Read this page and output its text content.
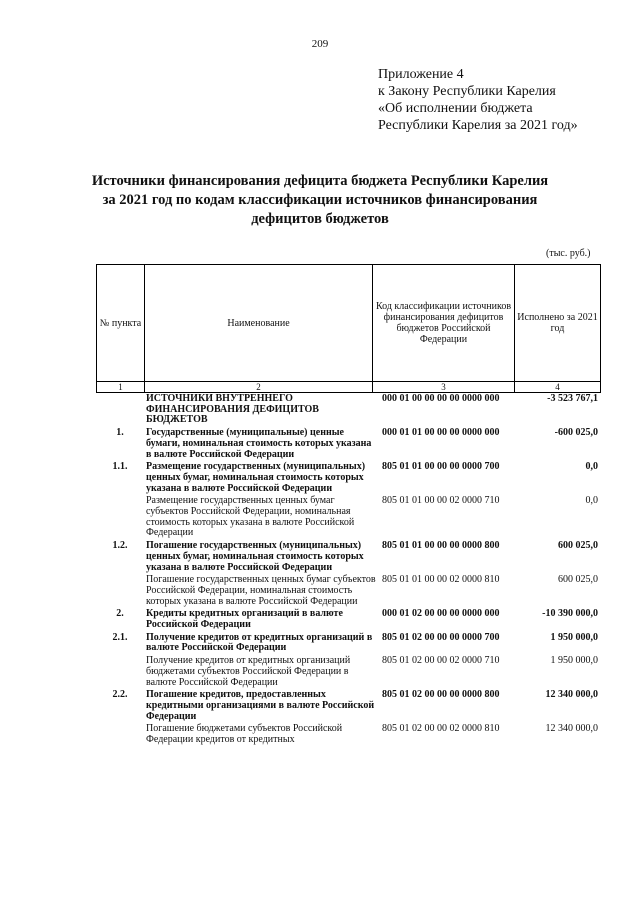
209
Приложение 4
к Закону Республики Карелия
«Об исполнении бюджета
Республики Карелия за 2021 год»
Источники финансирования дефицита бюджета Республики Карелия
за 2021 год по кодам классификации источников финансирования
дефицитов бюджетов
(тыс. руб.)
№ пункта	Наименование	Код классификации источников финансирования дефицитов бюджетов Российской Федерации	Исполнено за 2021 год
1	2	3	4
	ИСТОЧНИКИ ВНУТРЕННЕГО ФИНАНСИРОВАНИЯ ДЕФИЦИТОВ БЮДЖЕТОВ	000 01 00 00 00 00 0000 000	-3 523 767,1
1.	Государственные (муниципальные) ценные бумаги, номинальная стоимость которых указана в валюте Российской Федерации	000 01 01 00 00 00 0000 000	-600 025,0
1.1.	Размещение государственных (муниципальных) ценных бумаг, номинальная стоимость которых указана в валюте Российской Федерации	805 01 01 00 00 00 0000 700	0,0
	Размещение государственных ценных бумаг субъектов Российской Федерации, номинальная стоимость которых указана в валюте Российской Федерации	805 01 01 00 00 02 0000 710	0,0
1.2.	Погашение государственных (муниципальных) ценных бумаг, номинальная стоимость которых указана в валюте Российской Федерации	805 01 01 00 00 00 0000 800	600 025,0
	Погашение государственных ценных бумаг субъектов Российской Федерации, номинальная стоимость которых указана в валюте Российской Федерации	805 01 01 00 00 02 0000 810	600 025,0
2.	Кредиты кредитных организаций в валюте Российской Федерации	000 01 02 00 00 00 0000 000	-10 390 000,0
2.1.	Получение кредитов от кредитных организаций в валюте Российской Федерации	805 01 02 00 00 00 0000 700	1 950 000,0
	Получение кредитов от кредитных организаций бюджетами субъектов Российской Федерации в валюте Российской Федерации	805 01 02 00 00 02 0000 710	1 950 000,0
2.2.	Погашение кредитов, предоставленных кредитными организациями в валюте Российской Федерации	805 01 02 00 00 00 0000 800	12 340 000,0
	Погашение бюджетами субъектов Российской Федерации кредитов от кредитных	805 01 02 00 00 02 0000 810	12 340 000,0
